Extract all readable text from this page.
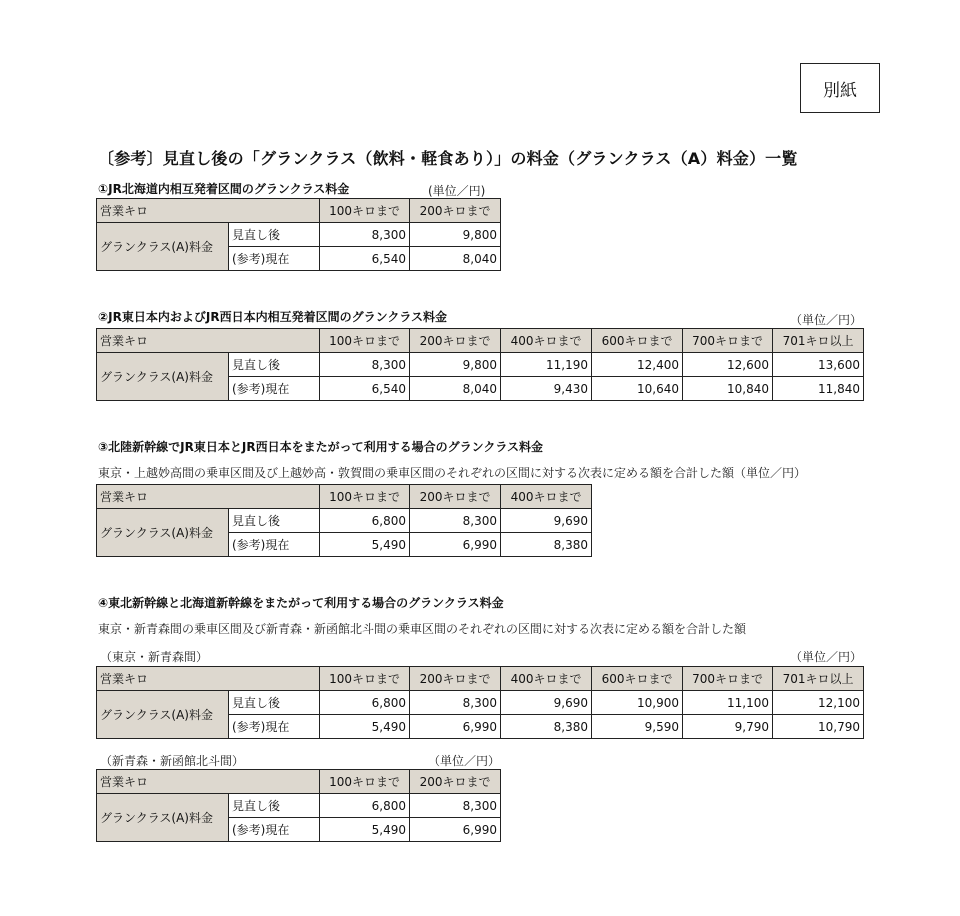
別紙
〔参考〕見直し後の「グランクラス（飲料・軽食あり）」の料金（グランクラス（A）料金）一覧
①JR北海道内相互発着区間のグランクラス料金	(単位／円)
営業キロ		100キロまで	200キロまで
グランクラス(A)料金	見直し後	8,300	9,800
	(参考)現在	6,540	8,040
②JR東日本内およびJR西日本内相互発着区間のグランクラス料金	（単位／円）
営業キロ		100キロまで	200キロまで	400キロまで	600キロまで	700キロまで	701キロ以上
グランクラス(A)料金	見直し後	8,300	9,800	11,190	12,400	12,600	13,600
	(参考)現在	6,540	8,040	9,430	10,640	10,840	11,840
③北陸新幹線でJR東日本とJR西日本をまたがって利用する場合のグランクラス料金
東京・上越妙高間の乗車区間及び上越妙高・敦賀間の乗車区間のそれぞれの区間に対する次表に定める額を合計した額（単位／円）
営業キロ		100キロまで	200キロまで	400キロまで
グランクラス(A)料金	見直し後	6,800	8,300	9,690
	(参考)現在	5,490	6,990	8,380
④東北新幹線と北海道新幹線をまたがって利用する場合のグランクラス料金
東京・新青森間の乗車区間及び新青森・新函館北斗間の乗車区間のそれぞれの区間に対する次表に定める額を合計した額
（東京・新青森間）	（単位／円）
営業キロ		100キロまで	200キロまで	400キロまで	600キロまで	700キロまで	701キロ以上
グランクラス(A)料金	見直し後	6,800	8,300	9,690	10,900	11,100	12,100
	(参考)現在	5,490	6,990	8,380	9,590	9,790	10,790
（新青森・新函館北斗間）	（単位／円）
営業キロ		100キロまで	200キロまで
グランクラス(A)料金	見直し後	6,800	8,300
	(参考)現在	5,490	6,990
